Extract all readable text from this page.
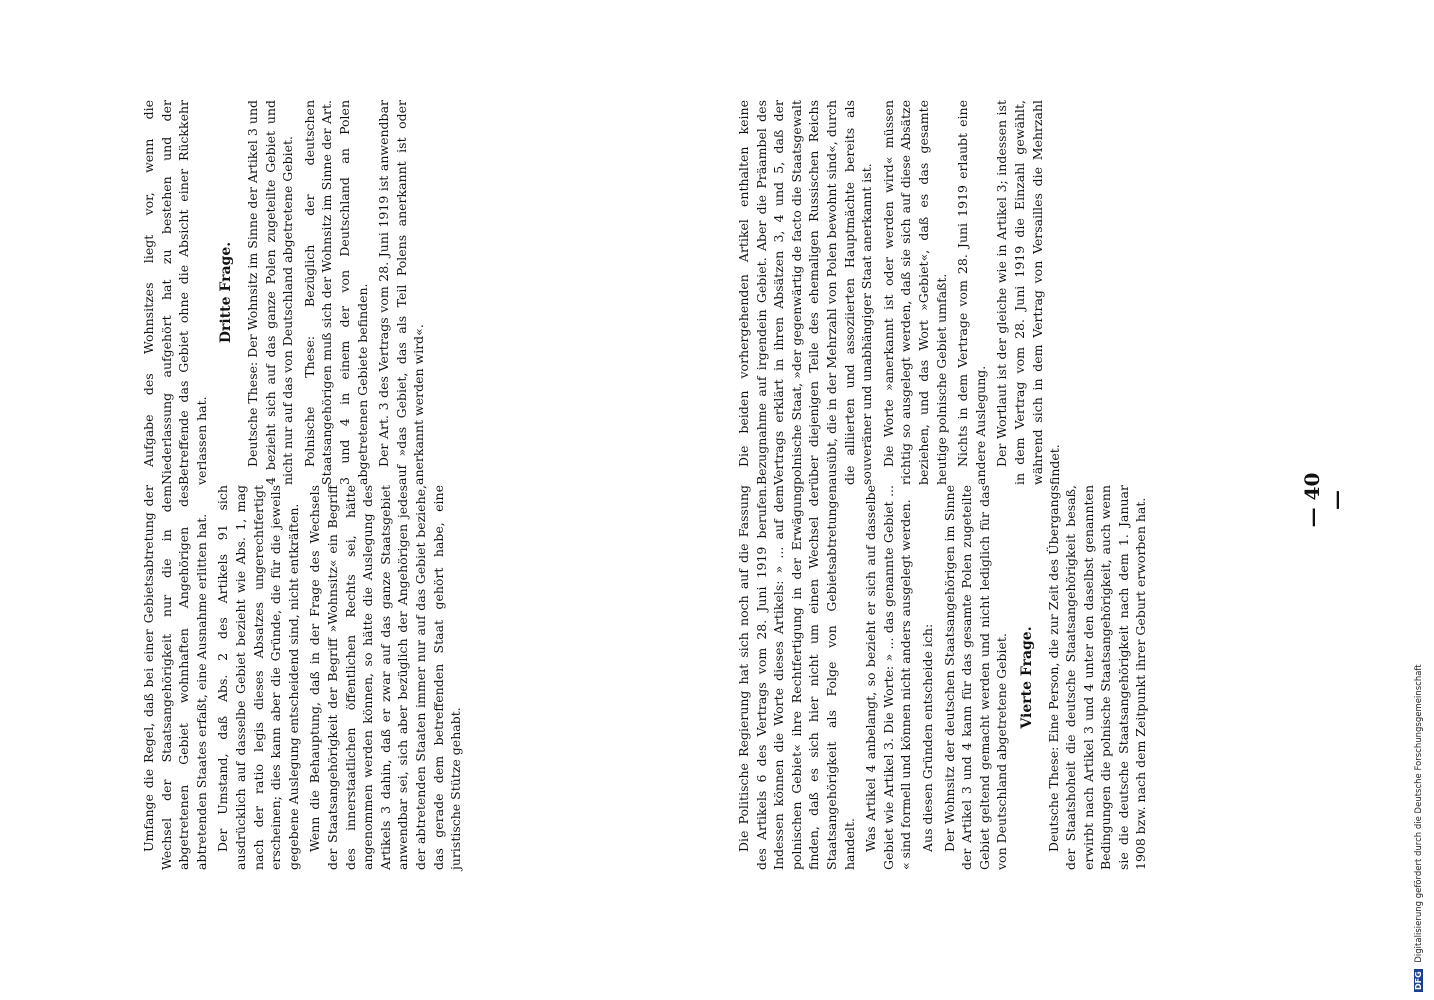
— 40 —

Umfange die Regel, daß bei einer Gebietsabtretung der Wechsel der Staatsangehörigkeit nur die in dem abgetretenen Gebiet wohnhaften Angehörigen des abtretenden Staates erfaßt, eine Ausnahme erlitten hat. Der Umstand, daß Abs. 2 des Artikels 91 sich ausdrücklich auf dasselbe Gebiet bezieht wie Abs. 1, mag nach der ratio legis dieses Absatzes ungerechtfertigt erscheinen; dies kann aber die Gründe, die für die jeweils gegebene Auslegung entscheidend sind, nicht entkräften. Wenn die Behauptung, daß in der Frage des Wechsels der Staatsangehörigkeit der Begriff »Wohnsitz« ein Begriff des innerstaatlichen öffentlichen Rechts sei, hätte angenommen werden können, so hätte die Auslegung des Artikels 3 dahin, daß er zwar auf das ganze Staatsgebiet anwendbar sei, sich aber bezüglich der Angehörigen jedes der abtretenden Staaten immer nur auf das Gebiet beziehe, das gerade dem betreffenden Staat gehört habe, eine juristische Stütze gehabt.

Aufgabe des Wohnsitzes liegt vor, wenn die Niederlassung aufgehört hat zu bestehen und der Betreffende das Gebiet ohne die Absicht einer Rückkehr verlassen hat.

Dritte Frage. Deutsche These: Der Wohnsitz im Sinne der Artikel 3 und 4 bezieht sich auf das ganze Polen zugeteilte Gebiet und nicht nur auf das von Deutschland abgetretene Gebiet. Polnische These: Bezüglich der deutschen Staatsangehörigen muß sich der Wohnsitz im Sinne der Art. 3 und 4 in einem der von Deutschland an Polen abgetretenen Gebiete befinden. Der Art. 3 des Vertrags vom 28. Juni 1919 ist anwendbar auf »das Gebiet, das als Teil Polens anerkannt ist oder anerkannt werden wird«.

Die Politische Regierung hat sich noch auf die Fassung des Artikels 6 des Vertrags vom 28. Juni 1919 berufen. Indessen können die Worte dieses Artikels: » ... auf dem polnischen Gebiet« ihre Rechtfertigung in der Erwägung finden, daß es sich hier nicht um einen Wechsel der Staatsangehörigkeit als Folge von Gebietsabtretungen handelt. Was Artikel 4 anbelangt, so bezieht er sich auf dasselbe Gebiet wie Artikel 3. Die Worte: » ... das genannte Gebiet ... « sind formell und können nicht anders ausgelegt werden. Aus diesen Gründen entscheide ich: Der Wohnsitz der deutschen Staatsangehörigen im Sinne der Artikel 3 und 4 kann für das gesamte Polen zugeteilte Gebiet geltend gemacht werden und nicht lediglich für das von Deutschland abgetretene Gebiet. Vierte Frage. Deutsche These: Eine Person, die zur Zeit des Übergangs der Staatshoheit die deutsche Staatsangehörigkeit besaß, erwirbt nach Artikel 3 und 4 unter den daselbst genannten Bedingungen die polnische Staatsangehörigkeit, auch wenn sie die deutsche Staatsangehörigkeit nach dem 1. Januar 1908 bzw. nach dem Zeitpunkt ihrer Geburt erworben hat.

Die beiden vorhergehenden Artikel enthalten keine Bezugnahme auf irgendein Gebiet. Aber die Präambel des Vertrags erklärt in ihren Absätzen 3, 4 und 5, daß der polnische Staat, »der gegenwärtig de facto die Staatsgewalt über diejenigen Teile des ehemaligen Russischen Reichs ausübt, die in der Mehrzahl von Polen bewohnt sind«, durch die alliierten und assoziierten Hauptmächte bereits als souveräner und unabhängiger Staat anerkannt ist. Die Worte »anerkannt ist oder werden wird« müssen richtig so ausgelegt werden, daß sie sich auf diese Absätze beziehen, und das Wort »Gebiet«, daß es das gesamte heutige polnische Gebiet umfaßt. Nichts in dem Vertrage vom 28. Juni 1919 erlaubt eine andere Auslegung. Der Wortlaut ist der gleiche wie in Artikel 3; indessen ist in dem Vertrag vom 28. Juni 1919 die Einzahl gewählt, während sich in dem Vertrag von Versailles die Mehrzahl findet.

DFG Digitalisierung gefördert durch die Deutsche Forschungsgemeinschaft
